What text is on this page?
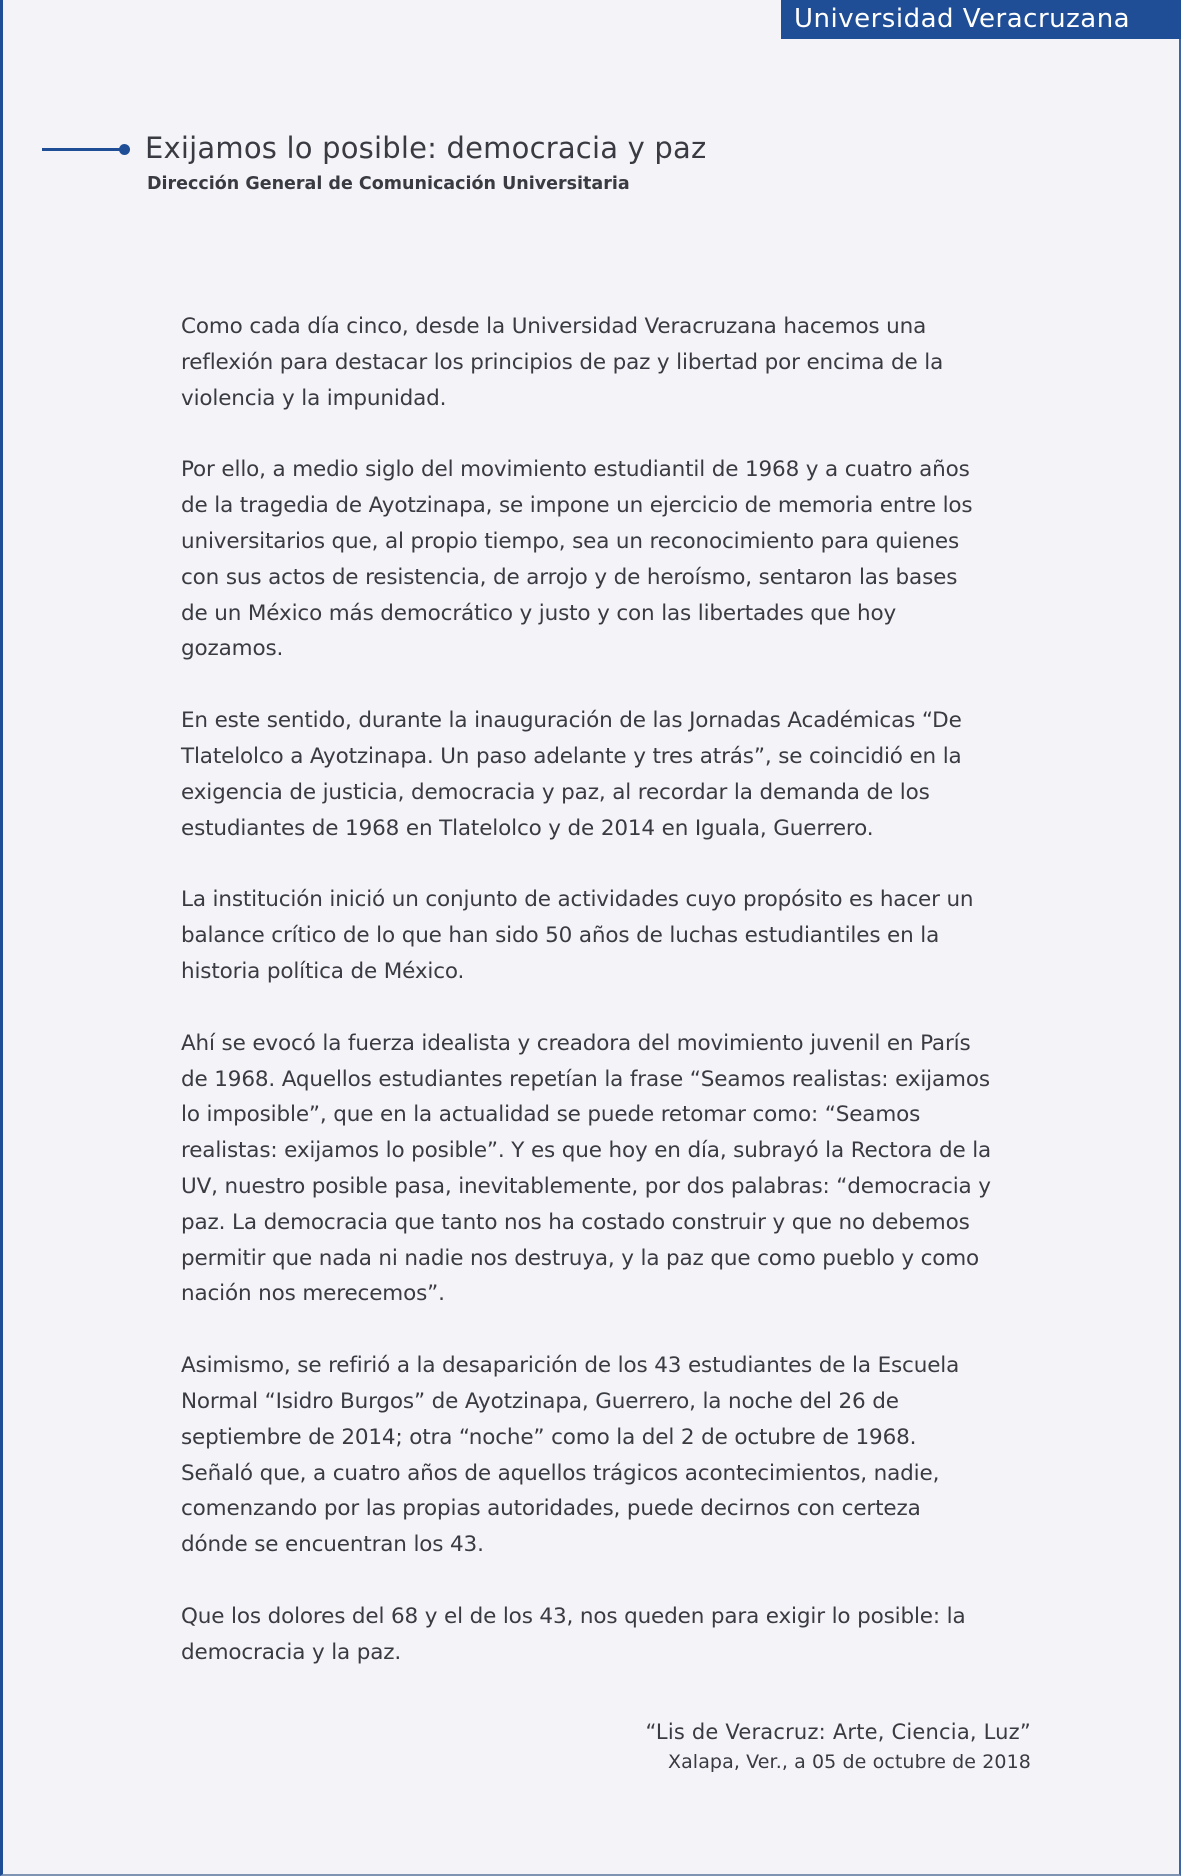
Universidad Veracruzana
Exijamos lo posible: democracia y paz
Dirección General de Comunicación Universitaria

Como cada día cinco, desde la Universidad Veracruzana hacemos una
reflexión para destacar los principios de paz y libertad por encima de la
violencia y la impunidad.

Por ello, a medio siglo del movimiento estudiantil de 1968 y a cuatro años
de la tragedia de Ayotzinapa, se impone un ejercicio de memoria entre los
universitarios que, al propio tiempo, sea un reconocimiento para quienes
con sus actos de resistencia, de arrojo y de heroísmo, sentaron las bases
de un México más democrático y justo y con las libertades que hoy
gozamos.

En este sentido, durante la inauguración de las Jornadas Académicas “De
Tlatelolco a Ayotzinapa. Un paso adelante y tres atrás”, se coincidió en la
exigencia de justicia, democracia y paz, al recordar la demanda de los
estudiantes de 1968 en Tlatelolco y de 2014 en Iguala, Guerrero.

La institución inició un conjunto de actividades cuyo propósito es hacer un
balance crítico de lo que han sido 50 años de luchas estudiantiles en la
historia política de México.

Ahí se evocó la fuerza idealista y creadora del movimiento juvenil en París
de 1968. Aquellos estudiantes repetían la frase “Seamos realistas: exijamos
lo imposible”, que en la actualidad se puede retomar como: “Seamos
realistas: exijamos lo posible”. Y es que hoy en día, subrayó la Rectora de la
UV, nuestro posible pasa, inevitablemente, por dos palabras: “democracia y
paz. La democracia que tanto nos ha costado construir y que no debemos
permitir que nada ni nadie nos destruya, y la paz que como pueblo y como
nación nos merecemos”.

Asimismo, se refirió a la desaparición de los 43 estudiantes de la Escuela
Normal “Isidro Burgos” de Ayotzinapa, Guerrero, la noche del 26 de
septiembre de 2014; otra “noche” como la del 2 de octubre de 1968.
Señaló que, a cuatro años de aquellos trágicos acontecimientos, nadie,
comenzando por las propias autoridades, puede decirnos con certeza
dónde se encuentran los 43.

Que los dolores del 68 y el de los 43, nos queden para exigir lo posible: la
democracia y la paz.

“Lis de Veracruz: Arte, Ciencia, Luz”
Xalapa, Ver., a 05 de octubre de 2018
